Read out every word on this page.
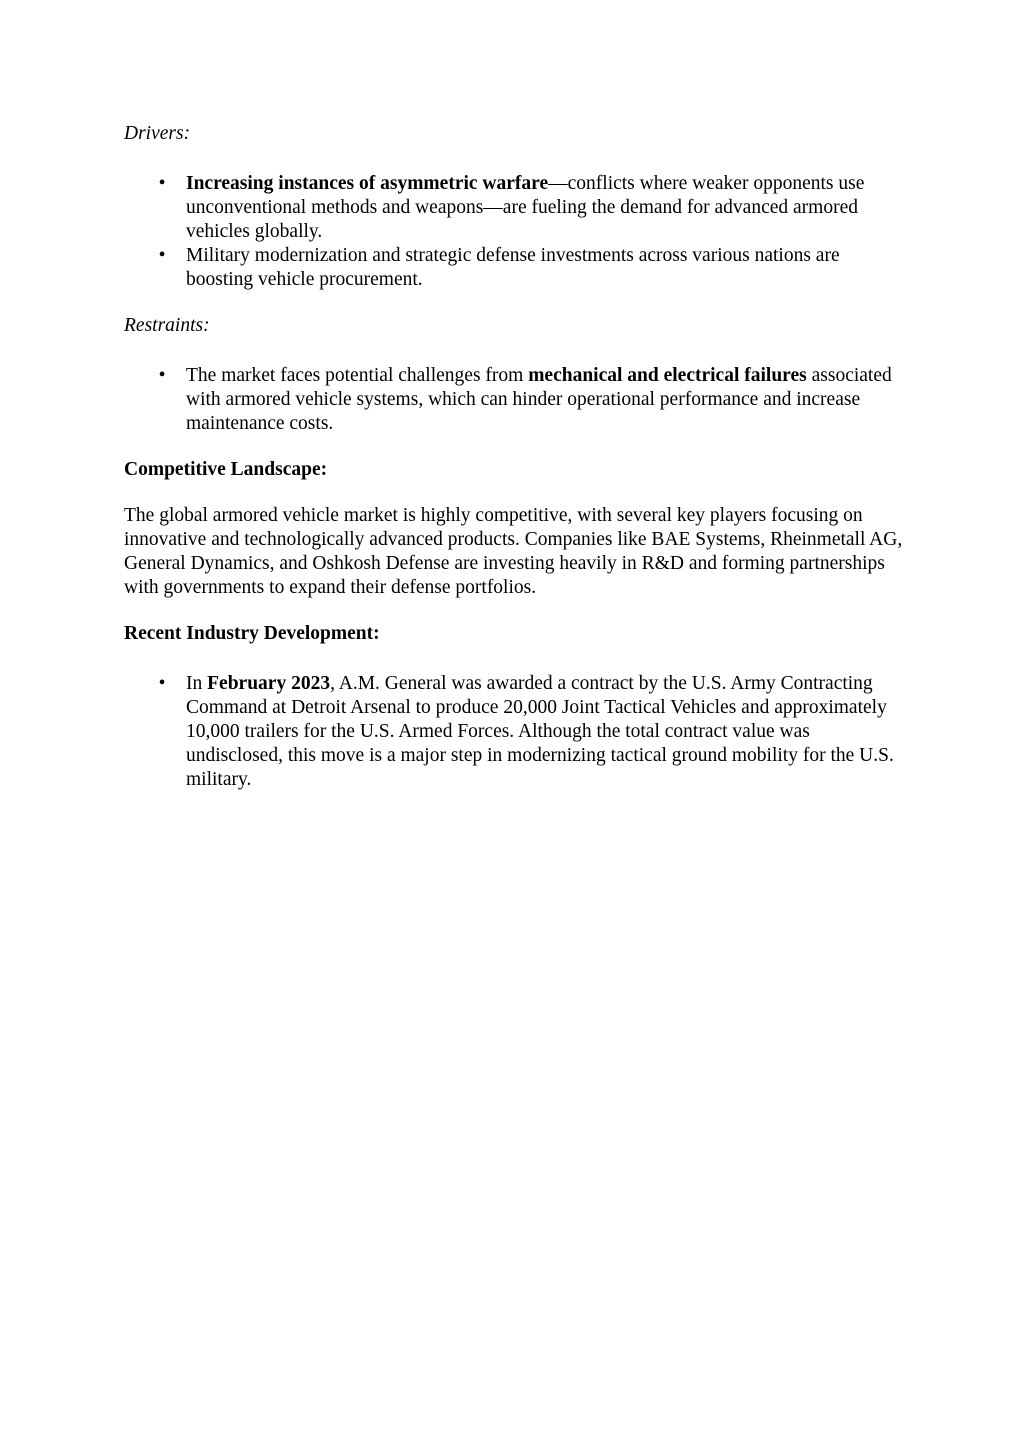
Drivers:

• Increasing instances of asymmetric warfare—conflicts where weaker opponents use unconventional methods and weapons—are fueling the demand for advanced armored vehicles globally.
• Military modernization and strategic defense investments across various nations are boosting vehicle procurement.

Restraints:

• The market faces potential challenges from mechanical and electrical failures associated with armored vehicle systems, which can hinder operational performance and increase maintenance costs.

Competitive Landscape:

The global armored vehicle market is highly competitive, with several key players focusing on innovative and technologically advanced products. Companies like BAE Systems, Rheinmetall AG, General Dynamics, and Oshkosh Defense are investing heavily in R&D and forming partnerships with governments to expand their defense portfolios.

Recent Industry Development:

• In February 2023, A.M. General was awarded a contract by the U.S. Army Contracting Command at Detroit Arsenal to produce 20,000 Joint Tactical Vehicles and approximately 10,000 trailers for the U.S. Armed Forces. Although the total contract value was undisclosed, this move is a major step in modernizing tactical ground mobility for the U.S. military.
